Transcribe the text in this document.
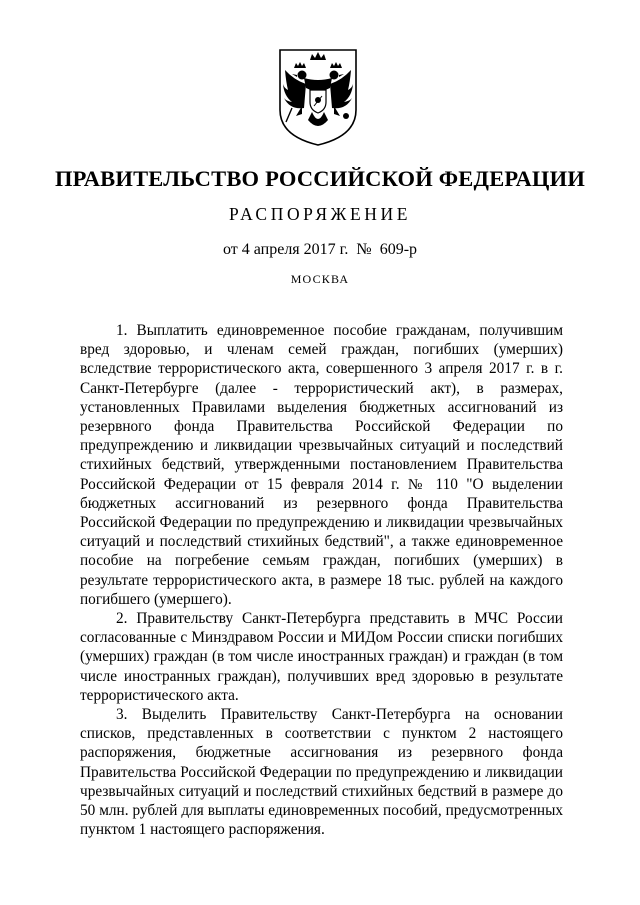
ПРАВИТЕЛЬСТВО РОССИЙСКОЙ ФЕДЕРАЦИИ
РАСПОРЯЖЕНИЕ
от 4 апреля 2017 г.  №  609-р
МОСКВА

1. Выплатить единовременное пособие гражданам, получившим вред здоровью, и членам семей граждан, погибших (умерших) вследствие террористического акта, совершенного 3 апреля 2017 г. в г. Санкт-Петербурге (далее - террористический акт), в размерах, установленных Правилами выделения бюджетных ассигнований из резервного фонда Правительства Российской Федерации по предупреждению и ликвидации чрезвычайных ситуаций и последствий стихийных бедствий, утвержденными постановлением Правительства Российской Федерации от 15 февраля 2014 г. № 110 "О выделении бюджетных ассигнований из резервного фонда Правительства Российской Федерации по предупреждению и ликвидации чрезвычайных ситуаций и последствий стихийных бедствий", а также единовременное пособие на погребение семьям граждан, погибших (умерших) в результате террористического акта, в размере 18 тыс. рублей на каждого погибшего (умершего).

2. Правительству Санкт-Петербурга представить в МЧС России согласованные с Минздравом России и МИДом России списки погибших (умерших) граждан (в том числе иностранных граждан) и граждан (в том числе иностранных граждан), получивших вред здоровью в результате террористического акта.

3. Выделить Правительству Санкт-Петербурга на основании списков, представленных в соответствии с пунктом 2 настоящего распоряжения, бюджетные ассигнования из резервного фонда Правительства Российской Федерации по предупреждению и ликвидации чрезвычайных ситуаций и последствий стихийных бедствий в размере до 50 млн. рублей для выплаты единовременных пособий, предусмотренных пунктом 1 настоящего распоряжения.
